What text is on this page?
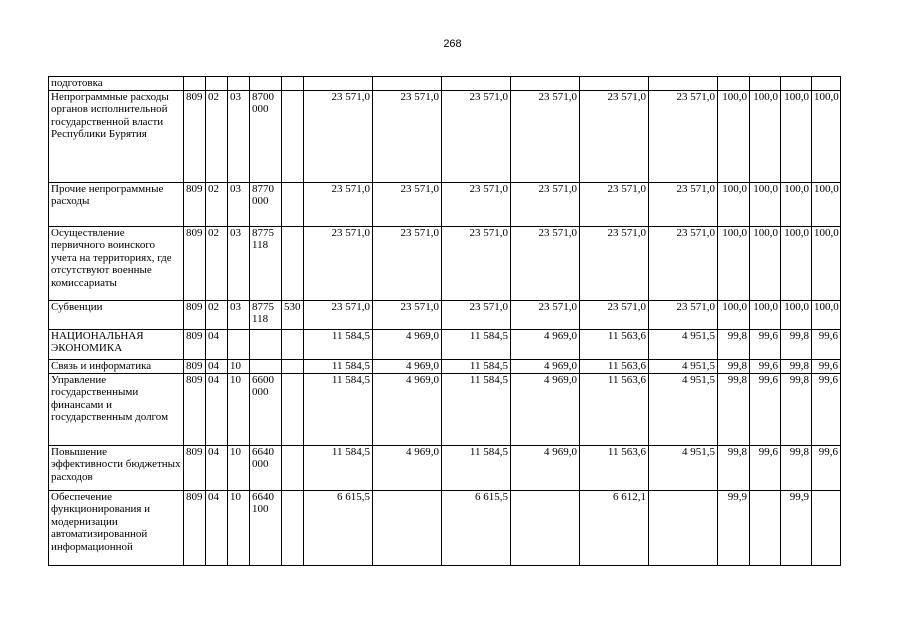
268
подготовка															
Непрограммные расходы органов исполнительной государственной власти Республики Бурятия	809	02	03	8700 000		23 571,0	23 571,0	23 571,0	23 571,0	23 571,0	23 571,0	100,0	100,0	100,0	100,0
Прочие непрограммные расходы	809	02	03	8770 000		23 571,0	23 571,0	23 571,0	23 571,0	23 571,0	23 571,0	100,0	100,0	100,0	100,0
Осуществление первичного воинского учета на территориях, где отсутствуют военные комиссариаты	809	02	03	8775 118		23 571,0	23 571,0	23 571,0	23 571,0	23 571,0	23 571,0	100,0	100,0	100,0	100,0
Субвенции	809	02	03	8775 118	530	23 571,0	23 571,0	23 571,0	23 571,0	23 571,0	23 571,0	100,0	100,0	100,0	100,0
НАЦИОНАЛЬНАЯ ЭКОНОМИКА	809	04				11 584,5	4 969,0	11 584,5	4 969,0	11 563,6	4 951,5	99,8	99,6	99,8	99,6
Связь и информатика	809	04	10			11 584,5	4 969,0	11 584,5	4 969,0	11 563,6	4 951,5	99,8	99,6	99,8	99,6
Управление государственными финансами и государственным долгом	809	04	10	6600 000		11 584,5	4 969,0	11 584,5	4 969,0	11 563,6	4 951,5	99,8	99,6	99,8	99,6
Повышение эффективности бюджетных расходов	809	04	10	6640 000		11 584,5	4 969,0	11 584,5	4 969,0	11 563,6	4 951,5	99,8	99,6	99,8	99,6
Обеспечение функционирования и модернизации автоматизированной информационной	809	04	10	6640 100		6 615,5		6 615,5		6 612,1		99,9		99,9	
